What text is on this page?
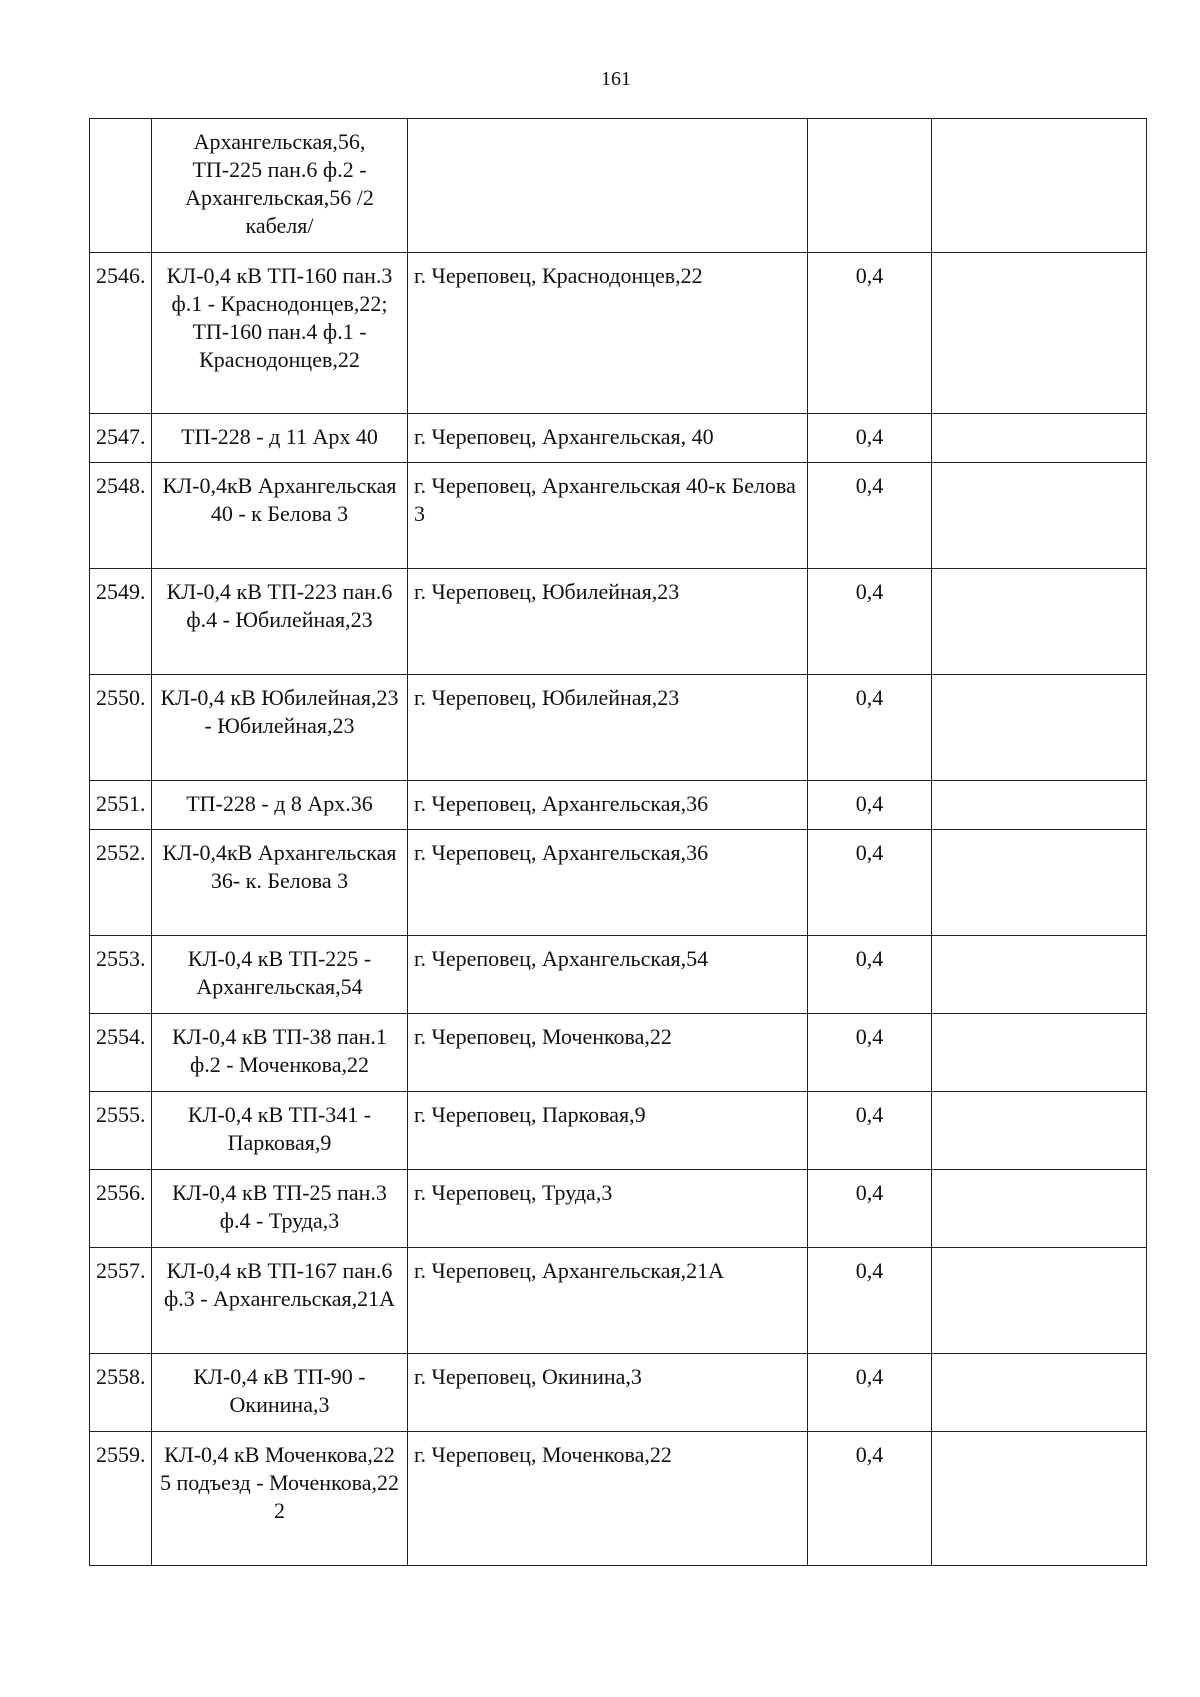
161
	Архангельская,56, ТП-225 пан.6 ф.2 - Архангельская,56 /2 кабеля/			
2546.	КЛ-0,4 кВ ТП-160 пан.3 ф.1 - Краснодонцев,22; ТП-160 пан.4 ф.1 - Краснодонцев,22	г. Череповец, Краснодонцев,22	0,4	
2547.	ТП-228 - д 11 Арх 40	г. Череповец, Архангельская, 40	0,4	
2548.	КЛ-0,4кВ Архангельская 40 - к Белова 3	г. Череповец, Архангельская 40-к Белова 3	0,4	
2549.	КЛ-0,4 кВ ТП-223 пан.6 ф.4 - Юбилейная,23	г. Череповец, Юбилейная,23	0,4	
2550.	КЛ-0,4 кВ Юбилейная,23 - Юбилейная,23	г. Череповец, Юбилейная,23	0,4	
2551.	ТП-228 - д 8 Арх.36	г. Череповец, Архангельская,36	0,4	
2552.	КЛ-0,4кВ Архангельская 36- к. Белова 3	г. Череповец, Архангельская,36	0,4	
2553.	КЛ-0,4 кВ ТП-225 - Архангельская,54	г. Череповец, Архангельская,54	0,4	
2554.	КЛ-0,4 кВ ТП-38 пан.1 ф.2 - Моченкова,22	г. Череповец, Моченкова,22	0,4	
2555.	КЛ-0,4 кВ ТП-341 - Парковая,9	г. Череповец, Парковая,9	0,4	
2556.	КЛ-0,4 кВ ТП-25 пан.3 ф.4 - Труда,3	г. Череповец, Труда,3	0,4	
2557.	КЛ-0,4 кВ ТП-167 пан.6 ф.3 - Архангельская,21А	г. Череповец, Архангельская,21А	0,4	
2558.	КЛ-0,4 кВ ТП-90 - Окинина,3	г. Череповец, Окинина,3	0,4	
2559.	КЛ-0,4 кВ Моченкова,22 5 подъезд - Моченкова,22 2	г. Череповец, Моченкова,22	0,4	
